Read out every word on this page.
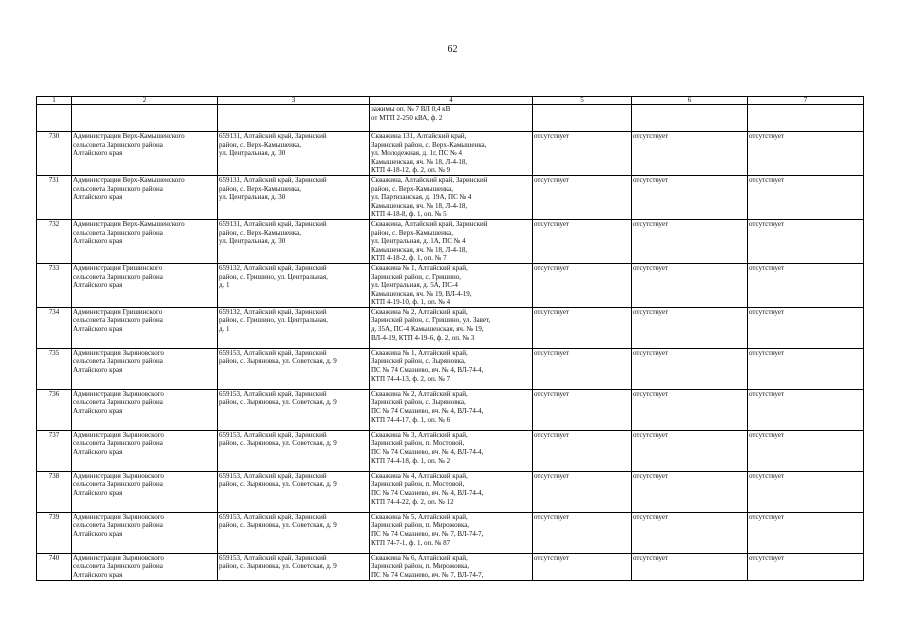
62
1	2	3	4	5	6	7
			зажимы оп. № 7 ВЛ 0,4 кВ
от МТП 2-250 кВА, ф. 2			
730	Администрация Верх-Камышенского
сельсовета Заринского района
Алтайского края	659131, Алтайский край, Заринский
район, с. Верх-Камышенка,
ул. Центральная, д. 30	Скважина 131, Алтайский край,
Заринский район, с. Верх-Камышенка,
ул. Молодежная, д. 1г, ПС № 4
Камышенская, яч. № 18, Л-4-18,
КТП 4-18-12, ф. 2, оп. № 9	отсутствует	отсутствует	отсутствует
731	Администрация Верх-Камышенского
сельсовета Заринского района
Алтайского края	659131, Алтайский край, Заринский
район, с. Верх-Камышенка,
ул. Центральная, д. 30	Скважина, Алтайский край, Заринский
район, с. Верх-Камышенка,
ул. Партизанская, д. 19А, ПС № 4
Камышенская, яч. № 18, Л-4-18,
КТП 4-18-8, ф. 1, оп. № 5	отсутствует	отсутствует	отсутствует
732	Администрация Верх-Камышенского
сельсовета Заринского района
Алтайского края	659131, Алтайский край, Заринский
район, с. Верх-Камышенка,
ул. Центральная, д. 30	Скважина, Алтайский край, Заринский
район, с. Верх-Камышенка,
ул. Центральная, д. 1А, ПС № 4
Камышенская, яч. № 18, Л-4-18,
КТП 4-18-2, ф. 1, оп. № 7	отсутствует	отсутствует	отсутствует
733	Администрация Гришинского
сельсовета Заринского района
Алтайского края	659132, Алтайский край, Заринский
район, с. Гришино, ул. Центральная,
д. 1	Скважина № 1, Алтайский край,
Заринский район, с. Гришино,
ул. Центральная, д. 5А, ПС-4
Камышенская, яч. № 19, ВЛ-4-19,
КТП 4-19-10, ф. 1, оп. № 4	отсутствует	отсутствует	отсутствует
734	Администрация Гришинского
сельсовета Заринского района
Алтайского края	659132, Алтайский край, Заринский
район, с. Гришино, ул. Центральная,
д. 1	Скважина № 2, Алтайский край,
Заринский район, с. Гришино, ул. Завет,
д. 35А, ПС-4 Камышенская, яч. № 19,
ВЛ-4-19, КТП 4-19-6, ф. 2, оп. № 3	отсутствует	отсутствует	отсутствует
735	Администрация Зыряновского
сельсовета Заринского района
Алтайского края	659153, Алтайский край, Заринский
район, с. Зыряновка, ул. Советская, д. 9	Скважина № 1, Алтайский край,
Заринский район, с. Зыряновка,
ПС № 74 Смазнево, яч. № 4, ВЛ-74-4,
КТП 74-4-13, ф. 2, оп. № 7	отсутствует	отсутствует	отсутствует
736	Администрация Зыряновского
сельсовета Заринского района
Алтайского края	659153, Алтайский край, Заринский
район, с. Зыряновка, ул. Советская, д. 9	Скважина № 2, Алтайский край,
Заринский район, с. Зыряновка,
ПС № 74 Смазнево, яч. № 4, ВЛ-74-4,
КТП 74-4-17, ф. 1, оп. № 6	отсутствует	отсутствует	отсутствует
737	Администрация Зыряновского
сельсовета Заринского района
Алтайского края	659153, Алтайский край, Заринский
район, с. Зыряновка, ул. Советская, д. 9	Скважина № 3, Алтайский край,
Заринский район, п. Мостовой,
ПС № 74 Смазнево, яч. № 4, ВЛ-74-4,
КТП 74-4-18, ф. 1, оп. № 2	отсутствует	отсутствует	отсутствует
738	Администрация Зыряновского
сельсовета Заринского района
Алтайского края	659153, Алтайский край, Заринский
район, с. Зыряновка, ул. Советская, д. 9	Скважина № 4, Алтайский край,
Заринский район, п. Мостовой,
ПС № 74 Смазнево, яч. № 4, ВЛ-74-4,
КТП 74-4-22, ф. 2, оп. № 12	отсутствует	отсутствует	отсутствует
739	Администрация Зыряновского
сельсовета Заринского района
Алтайского края	659153, Алтайский край, Заринский
район, с. Зыряновка, ул. Советская, д. 9	Скважина № 5, Алтайский край,
Заринский район, п. Мирожовка,
ПС № 74 Смазнево, яч. № 7, ВЛ-74-7,
КТП 74-7-1, ф. 1, оп. № 87	отсутствует	отсутствует	отсутствует
740	Администрация Зыряновского
сельсовета Заринского района
Алтайского края	659153, Алтайский край, Заринский
район, с. Зыряновка, ул. Советская, д. 9	Скважина № 6, Алтайский край,
Заринский район, п. Мирожовка,
ПС № 74 Смазнево, яч. № 7, ВЛ-74-7,	отсутствует	отсутствует	отсутствует
